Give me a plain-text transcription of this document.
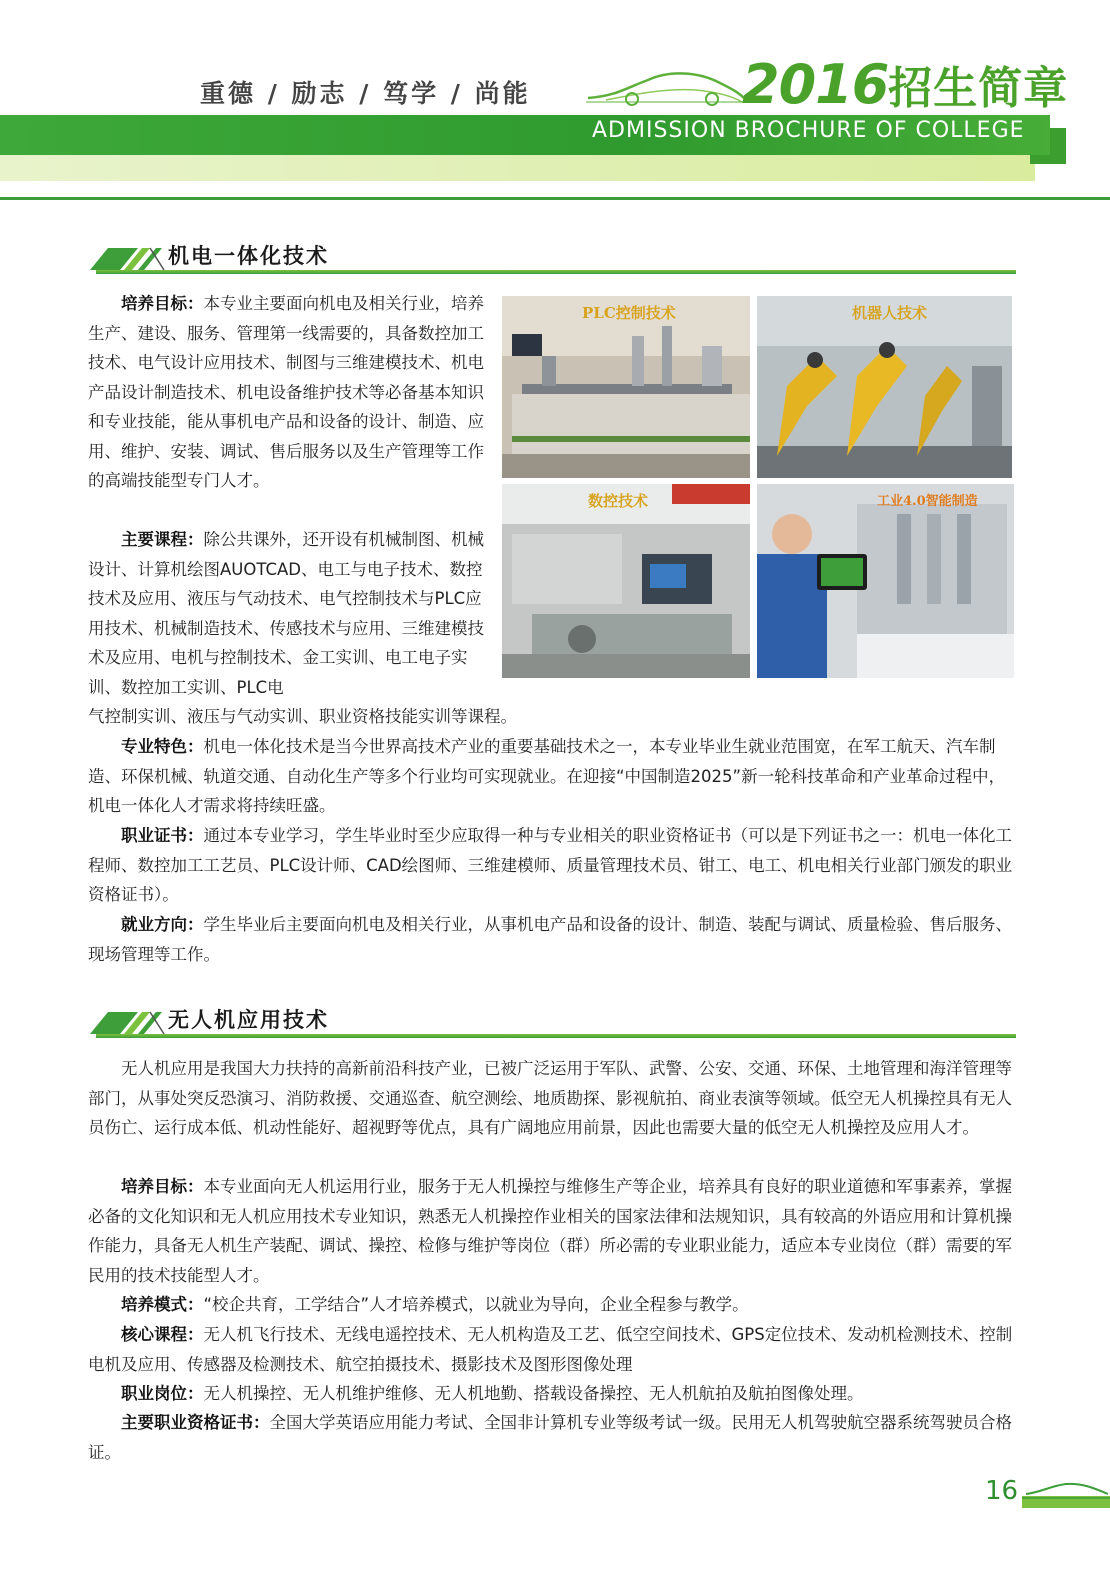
重德 / 励志 / 笃学 / 尚能	2016招生简章
ADMISSION BROCHURE OF COLLEGE
机电一体化技术

培养目标：本专业主要面向机电及相关行业，培养生产、建设、服务、管理第一线需要的，具备数控加工技术、电气设计应用技术、制图与三维建模技术、机电产品设计制造技术、机电设备维护技术等必备基本知识和专业技能，能从事机电产品和设备的设计、制造、应用、维护、安装、调试、售后服务以及生产管理等工作的高端技能型专门人才。

主要课程：除公共课外，还开设有机械制图、机械设计、计算机绘图AUOTCAD、电工与电子技术、数控技术及应用、液压与气动技术、电气控制技术与PLC应用技术、机械制造技术、传感技术与应用、三维建模技术及应用、电机与控制技术、金工实训、电工电子实训、数控加工实训、PLC电

气控制实训、液压与气动实训、职业资格技能实训等课程。

PLC控制技术	机器人技术
数控技术	工业4.0智能制造

专业特色：机电一体化技术是当今世界高技术产业的重要基础技术之一，本专业毕业生就业范围宽，在军工航天、汽车制造、环保机械、轨道交通、自动化生产等多个行业均可实现就业。在迎接“中国制造2025”新一轮科技革命和产业革命过程中，机电一体化人才需求将持续旺盛。

职业证书：通过本专业学习，学生毕业时至少应取得一种与专业相关的职业资格证书（可以是下列证书之一：机电一体化工程师、数控加工工艺员、PLC设计师、CAD绘图师、三维建模师、质量管理技术员、钳工、电工、机电相关行业部门颁发的职业资格证书）。

就业方向：学生毕业后主要面向机电及相关行业，从事机电产品和设备的设计、制造、装配与调试、质量检验、售后服务、现场管理等工作。

无人机应用技术

无人机应用是我国大力扶持的高新前沿科技产业，已被广泛运用于军队、武警、公安、交通、环保、土地管理和海洋管理等部门，从事处突反恐演习、消防救援、交通巡查、航空测绘、地质勘探、影视航拍、商业表演等领域。低空无人机操控具有无人员伤亡、运行成本低、机动性能好、超视野等优点，具有广阔地应用前景，因此也需要大量的低空无人机操控及应用人才。

培养目标：本专业面向无人机运用行业，服务于无人机操控与维修生产等企业，培养具有良好的职业道德和军事素养，掌握必备的文化知识和无人机应用技术专业知识，熟悉无人机操控作业相关的国家法律和法规知识，具有较高的外语应用和计算机操作能力，具备无人机生产装配、调试、操控、检修与维护等岗位（群）所必需的专业职业能力，适应本专业岗位（群）需要的军民用的技术技能型人才。

培养模式：“校企共育，工学结合”人才培养模式，以就业为导向，企业全程参与教学。

核心课程：无人机飞行技术、无线电遥控技术、无人机构造及工艺、低空空间技术、GPS定位技术、发动机检测技术、控制电机及应用、传感器及检测技术、航空拍摄技术、摄影技术及图形图像处理

职业岗位：无人机操控、无人机维护维修、无人机地勤、搭载设备操控、无人机航拍及航拍图像处理。

主要职业资格证书：全国大学英语应用能力考试、全国非计算机专业等级考试一级。民用无人机驾驶航空器系统驾驶员合格证。

16
